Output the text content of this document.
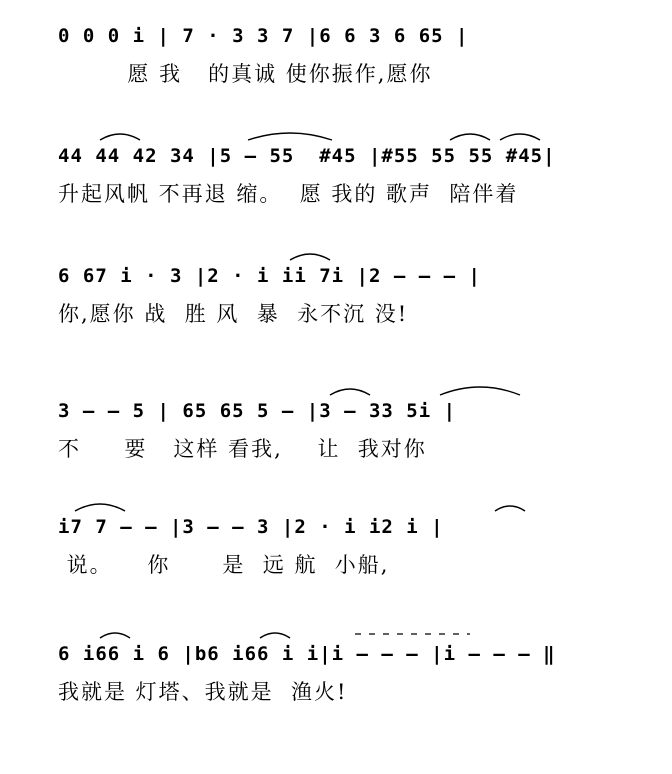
0 0 0 i | 7 · 3 3 7 |6 6 3 6 65 |
愿 我   的真诚 使你振作,愿你
44 44 42 34 |5 — 55  #45 |#55 55 55 #45|
升起风帆 不再退 缩。  愿 我的 歌声  陪伴着
6 67 i · 3 |2 · i ii 7i |2 — — — |
你,愿你 战  胜 风  暴  永不沉 没!
3 — — 5 | 65 65 5 — |3 — 33 5i |
不     要   这样 看我,    让  我对你
i7 7 — — |3 — — 3 |2 · i i2 i |
说。    你      是  远 航  小船,
6 i66 i 6 |b6 i66 i i|i — — — |i — — — ‖
我就是 灯塔、我就是  渔火!
